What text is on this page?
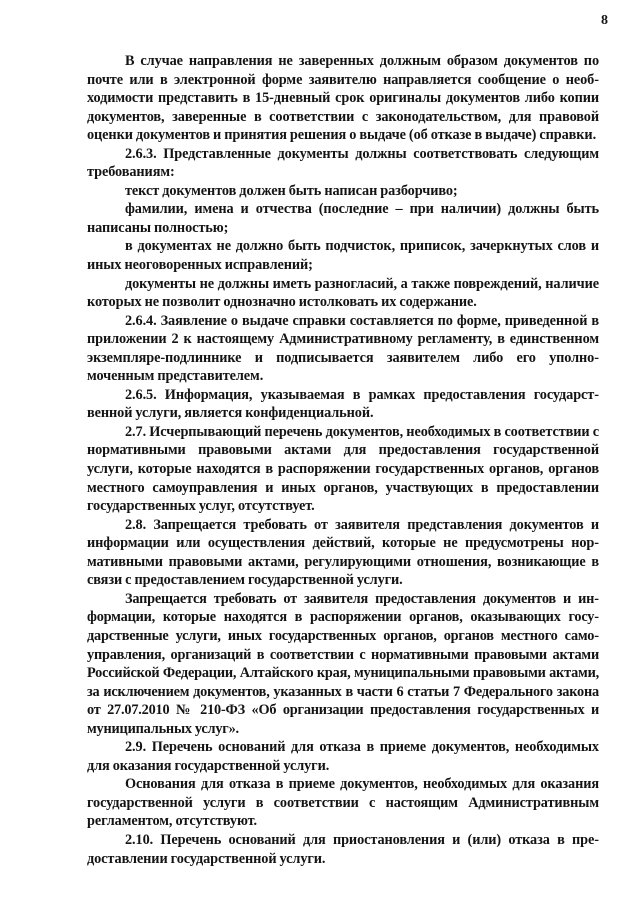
8

В случае направления не заверенных должным образом документов по почте или в электронной форме заявителю направляется сообщение о необходимости представить в 15-дневный срок оригиналы документов либо копии документов, заверенные в соответствии с законодательством, для правовой оценки документов и принятия решения о выдаче (об отказе в выдаче) справки.

2.6.3. Представленные документы должны соответствовать следующим требованиям:

текст документов должен быть написан разборчиво;

фамилии, имена и отчества (последние – при наличии) должны быть написаны полностью;

в документах не должно быть подчисток, приписок, зачеркнутых слов и иных неоговоренных исправлений;

документы не должны иметь разногласий, а также повреждений, наличие которых не позволит однозначно истолковать их содержание.

2.6.4. Заявление о выдаче справки составляется по форме, приведенной в приложении 2 к настоящему Административному регламенту, в единственном экземпляре-подлиннике и подписывается заявителем либо его уполномоченным представителем.

2.6.5. Информация, указываемая в рамках предоставления государственной услуги, является конфиденциальной.

2.7. Исчерпывающий перечень документов, необходимых в соответствии с нормативными правовыми актами для предоставления государственной услуги, которые находятся в распоряжении государственных органов, органов местного самоуправления и иных органов, участвующих в предоставлении государственных услуг, отсутствует.

2.8. Запрещается требовать от заявителя представления документов и информации или осуществления действий, которые не предусмотрены нормативными правовыми актами, регулирующими отношения, возникающие в связи с предоставлением государственной услуги.

Запрещается требовать от заявителя предоставления документов и информации, которые находятся в распоряжении органов, оказывающих государственные услуги, иных государственных органов, органов местного самоуправления, организаций в соответствии с нормативными правовыми актами Российской Федерации, Алтайского края, муниципальными правовыми актами, за исключением документов, указанных в части 6 статьи 7 Федерального закона от 27.07.2010 № 210-ФЗ «Об организации предоставления государственных и муниципальных услуг».

2.9. Перечень оснований для отказа в приеме документов, необходимых для оказания государственной услуги.

Основания для отказа в приеме документов, необходимых для оказания государственной услуги в соответствии с настоящим Административным регламентом, отсутствуют.

2.10. Перечень оснований для приостановления и (или) отказа в предоставлении государственной услуги.
